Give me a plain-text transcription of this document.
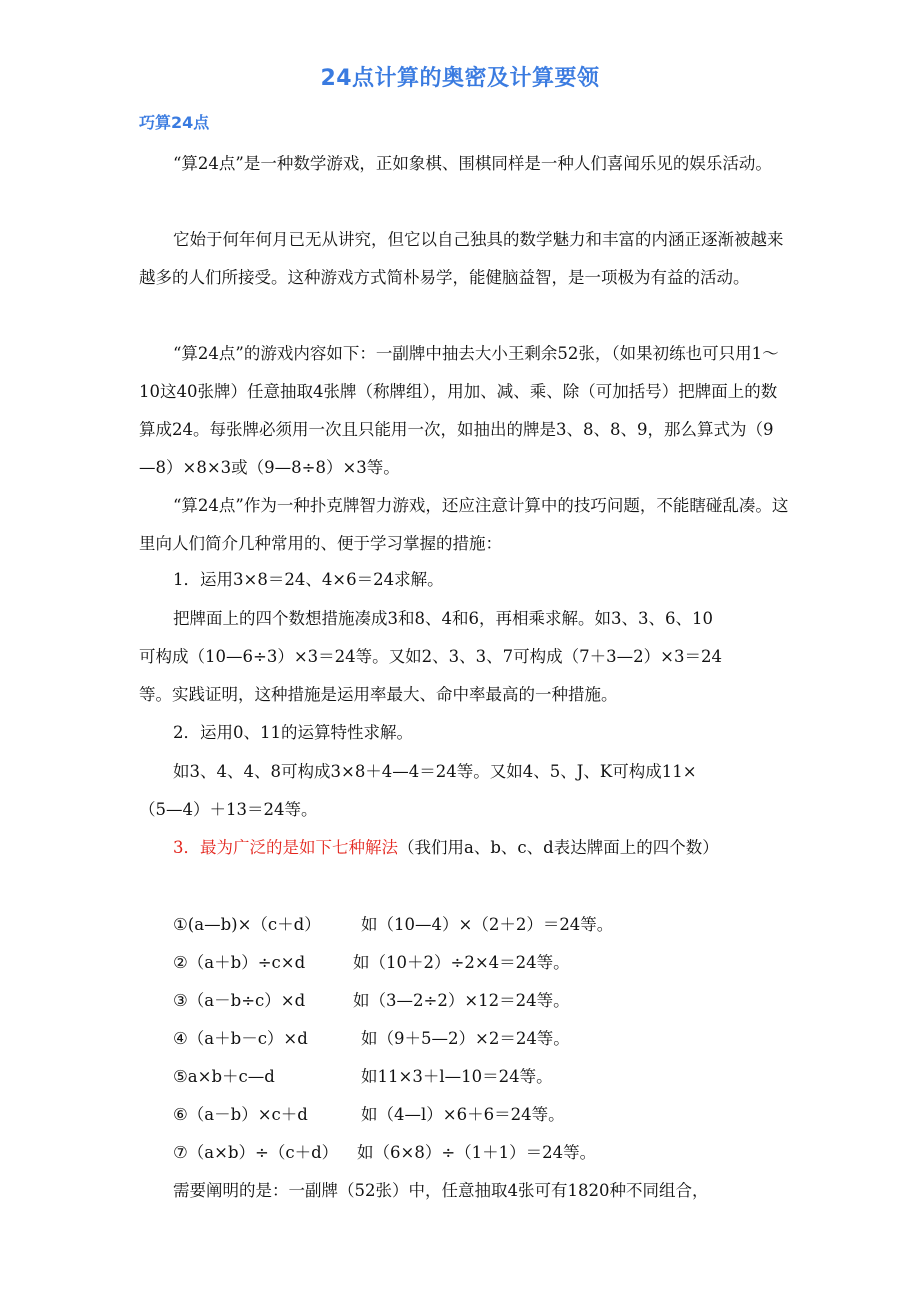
24点计算的奥密及计算要领
巧算24点
“算24点”是一种数学游戏，正如象棋、围棋同样是一种人们喜闻乐见的娱乐活动。
它始于何年何月已无从讲究，但它以自己独具的数学魅力和丰富的内涵正逐渐被越来越多的人们所接受。这种游戏方式简朴易学，能健脑益智，是一项极为有益的活动。
“算24点”的游戏内容如下：一副牌中抽去大小王剩余52张，（如果初练也可只用1～10这40张牌）任意抽取4张牌（称牌组），用加、减、乘、除（可加括号）把牌面上的数算成24。每张牌必须用一次且只能用一次，如抽出的牌是3、8、8、9，那么算式为（9—8）×8×3或（9—8÷8）×3等。
“算24点”作为一种扑克牌智力游戏，还应注意计算中的技巧问题，不能瞎碰乱凑。这里向人们简介几种常用的、便于学习掌握的措施：
1．运用3×8＝24、4×6＝24求解。
把牌面上的四个数想措施凑成3和8、4和6，再相乘求解。如3、3、6、10
可构成（10—6÷3）×3＝24等。又如2、3、3、7可构成（7＋3—2）×3＝24
等。实践证明，这种措施是运用率最大、命中率最高的一种措施。
2．运用0、11的运算特性求解。
如3、4、4、8可构成3×8＋4—4＝24等。又如4、5、J、K可构成11×
（5—4）＋13＝24等。
3．最为广泛的是如下七种解法（我们用a、b、c、d表达牌面上的四个数）
①(a—b)×（c＋d） 如（10—4）×（2＋2）＝24等。
②（a＋b）÷c×d	如（10＋2）÷2×4＝24等。
③（a－b÷c）×d	如（3—2÷2）×12＝24等。
④（a＋b－c）×d	如（9＋5—2）×2＝24等。
⑤a×b＋c—d	如11×3＋l—10＝24等。
⑥（a－b）×c＋d	如（4—l）×6＋6＝24等。
⑦（a×b）÷（c＋d） 如（6×8）÷（1＋1）＝24等。
需要阐明的是：一副牌（52张）中，任意抽取4张可有1820种不同组合，
